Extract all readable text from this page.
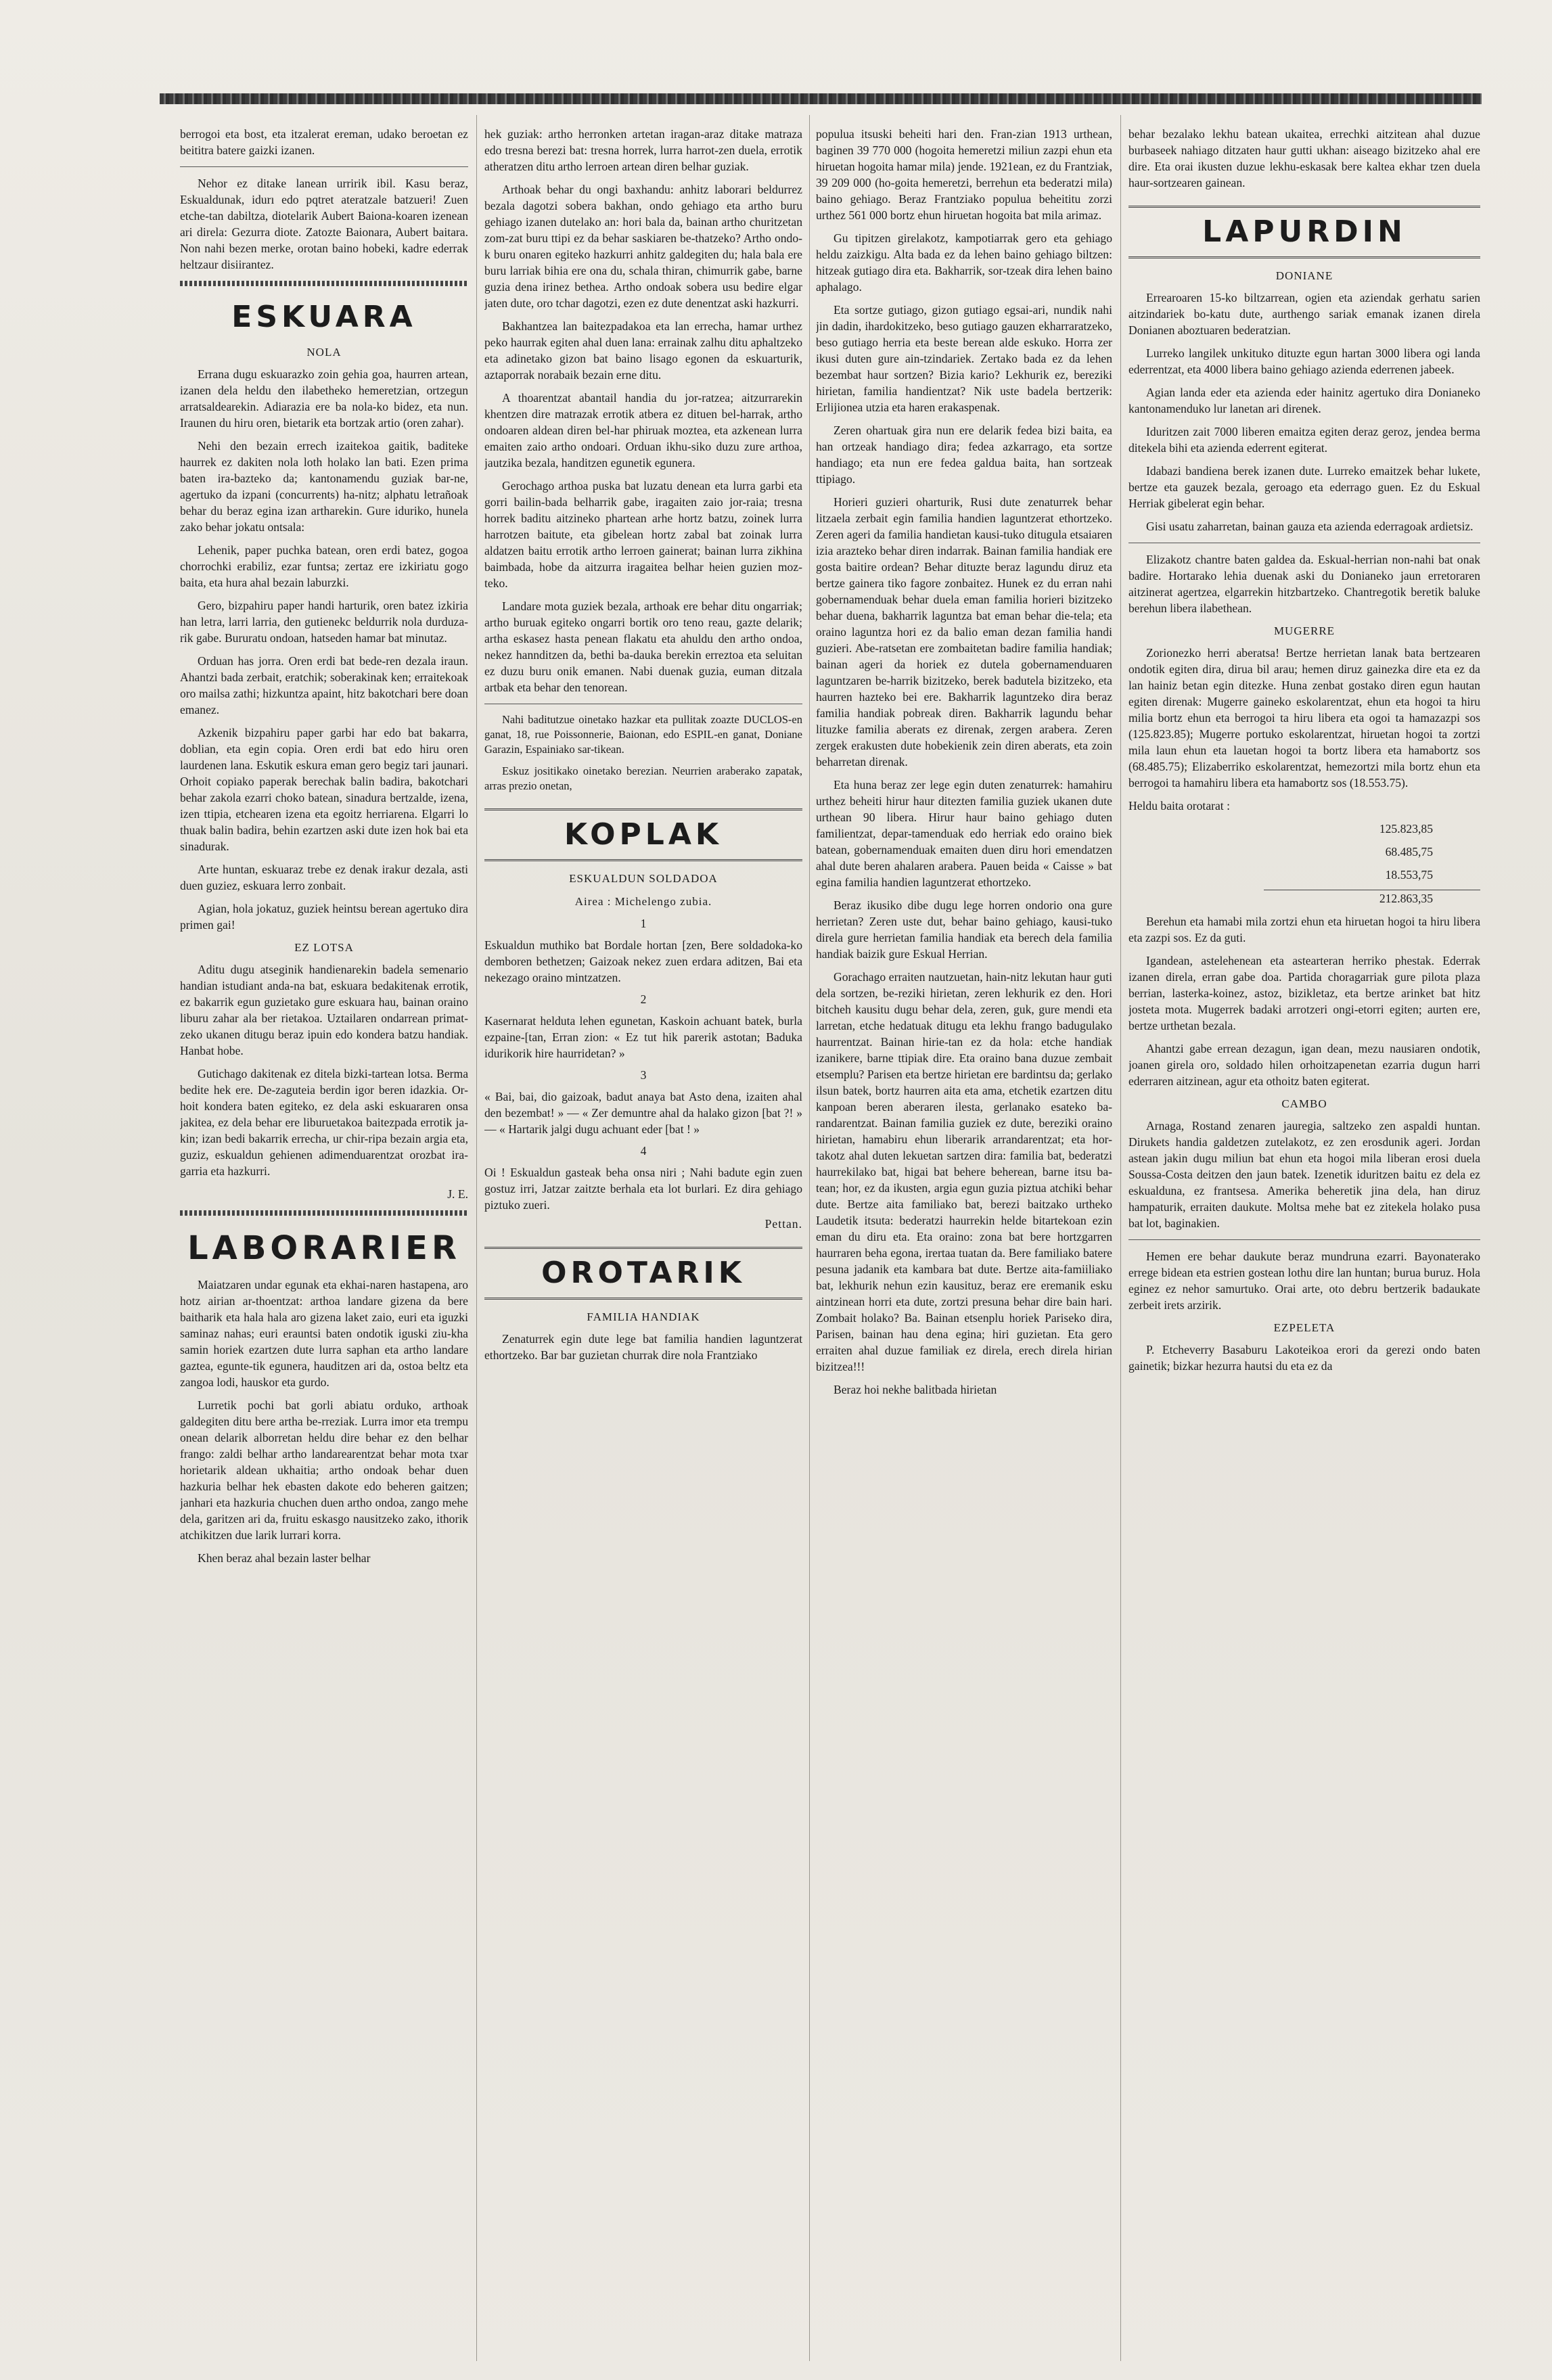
berrogoi eta bost, eta itzalerat ereman, udako beroetan ez beititra batere gaizki izanen.

Nehor ez ditake lanean urririk ibil. Kasu beraz, Eskualdunak, idurı edo pqtret ateratzale batzueri! Zuen etche-tan dabiltza, diotelarik Aubert Baiona-koaren izenean ari direla: Gezurra diote. Zatozte Baionara, Aubert baitara. Non nahi bezen merke, orotan baino hobeki, kadre ederrak heltzaur disiirantez.

ESKUARA
NOLA

Errana dugu eskuarazko zoin gehia goa, haurren artean, izanen dela heldu den ilabetheko hemeretzian, ortzegun arratsaldearekin. Adiarazia ere ba nola-ko bidez, eta nun. Iraunen du hiru oren, bietarik eta bortzak artio (oren zahar).

Nehi den bezain errech izaitekoa gaitik, baditeke haurrek ez dakiten nola loth holako lan bati. Ezen prima baten ira-bazteko da; kantonamendu guziak bar-ne, agertuko da izpani (concurrents) ha-nitz; alphatu letrañoak behar du beraz egina izan artharekin. Gure iduriko, hunela zako behar jokatu ontsala:

Lehenik, paper puchka batean, oren erdi batez, gogoa chorrochki erabiliz, ezar funtsa; zertaz ere izkiriatu gogo baita, eta hura ahal bezain laburzki.

Gero, bizpahiru paper handi harturik, oren batez izkiria han letra, larri larria, den gutienekc beldurrik nola durduza-rik gabe. Bururatu ondoan, hatseden hamar bat minutaz.

Orduan has jorra. Oren erdi bat bede-ren dezala iraun. Ahantzi bada zerbait, eratchik; soberakinak ken; erraitekoak oro mailsa zathi; hizkuntza apaint, hitz bakotchari bere doan emanez.

Azkenik bizpahiru paper garbi har edo bat bakarra, doblian, eta egin copia. Oren erdi bat edo hiru oren laurdenen lana. Eskutik eskura eman gero begiz tari jaunari. Orhoit copiako paperak berechak balin badira, bakotchari behar zakola ezarri choko batean, sinadura bertzalde, izena, izen ttipia, etchearen izena eta egoitz herriarena. Elgarri lo thuak balin badira, behin ezartzen aski dute izen hok bai eta sinadurak.

Arte huntan, eskuaraz trebe ez denak irakur dezala, asti duen guziez, eskuara lerro zonbait.

Agian, hola jokatuz, guziek heintsu berean agertuko dira primen gai!

EZ LOTSA

Aditu dugu atseginik handienarekin badela semenario handian istudiant anda-na bat, eskuara bedakitenak errotik, ez bakarrik egun guzietako gure eskuara hau, bainan oraino liburu zahar ala ber rietakoa. Uztailaren ondarrean primat-zeko ukanen ditugu beraz ipuin edo kondera batzu handiak. Hanbat hobe.

Gutichago dakitenak ez ditela bizki-tartean lotsa. Berma bedite hek ere. De-zaguteia berdin igor beren idazkia. Or-hoit kondera baten egiteko, ez dela aski eskuararen onsa jakitea, ez dela behar ere liburuetakoa baitezpada errotik ja-kin; izan bedi bakarrik errecha, ur chir-ripa bezain argia eta, guziz, eskualdun gehienen adimenduarentzat orozbat ira-garria eta hazkurri.

J. E.
LABORARIER

Maiatzaren undar egunak eta ekhai-naren hastapena, aro hotz airian ar-thoentzat: arthoa landare gizena da bere baitharik eta hala hala aro gizena laket zaio, euri eta iguzki saminaz nahas; euri erauntsi baten ondotik iguski ziu-kha samin horiek ezartzen dute lurra saphan eta artho landare gaztea, egunte-tik egunera, hauditzen ari da, ostoa beltz eta zangoa lodi, hauskor eta gurdo.

Lurretik pochi bat gorli abiatu orduko, arthoak galdegiten ditu bere artha be-rreziak. Lurra imor eta trempu onean delarik alborretan heldu dire behar ez den belhar frango: zaldi belhar artho landarearentzat behar mota txar horietarik aldean ukhaitia; artho ondoak behar duen hazkuria belhar hek ebasten dakote edo beheren gaitzen; janhari eta hazkuria chuchen duen artho ondoa, zango mehe dela, garitzen ari da, fruitu eskasgo nausitzeko zako, ithorik atchikitzen due larik lurrari korra.

Khen beraz ahal bezain laster belhar

hek guziak: artho herronken artetan iragan-araz ditake matraza edo tresna berezi bat: tresna horrek, lurra harrot-zen duela, errotik atheratzen ditu artho lerroen artean diren belhar guziak.

Arthoak behar du ongi baxhandu: anhitz laborari beldurrez bezala dagotzi sobera bakhan, ondo gehiago eta artho buru gehiago izanen dutelako an: hori bala da, bainan artho churitzetan zom-zat buru ttipi ez da behar saskiaren be-thatzeko? Artho ondo-k buru onaren egiteko hazkurri anhitz galdegiten du; hala bala ere buru larriak bihia ere ona du, schala thiran, chimurrik gabe, barne guzia dena irinez betheа. Artho ondoak sobera usu bedire elgar jaten dute, oro tchar dagotzi, ezen ez dute denentzat aski hazkurri.

Bakhantzea lan baitezpadakoa eta lan errecha, hamar urthez peko haurrak egiten ahal duen lana: errainak zalhu ditu aphaltzeko eta adinetako gizon bat baino lisago egonen da eskuarturik, aztaporrak norabaik bezain erne ditu.

A thoarentzat abantail handia du jor-ratzea; aitzurrarekin khentzen dire matrazak errotik atbera ez dituen bel-harrak, artho ondoaren aldean diren bel-har phiruak moztea, eta azkenean lurra emaiten zaio artho ondoari. Orduan ikhu-siko duzu zure arthoa, jautzika bezala, handitzen egunetik egunera.

Gerochago arthoa puska bat luzatu denean eta lurra garbi eta gorri bailin-bada belharrik gabe, iragaiten zaio jor-raia; tresna horrek baditu aitzineko phartean arhe hortz batzu, zoinek lurra harrotzen baitute, eta gibelean hortz zabal bat zoinak lurra aldatzen baitu errotik artho lerroen gainerat; bainan lurra zikhina baimbada, hobe da aitzurra iragaitea belhar heien guzien moz-teko.

Landare mota guziek bezala, arthoak ere behar ditu ongarriak; artho buruak egiteko ongarri bortik oro teno reau, gazte delarik; artha eskasez hasta penean flakatu eta ahuldu den artho ondoa, nekez hannditzen da, bethi ba-dauka berekin erreztoa eta seluitan ez duzu buru onik emanen. Nabi duenak guzia, euman ditzala artbak eta behar den tenorean.

Nahi baditutzue oinetako hazkar eta pullitak zoazte DUCLOS-en ganat, 18, rue Poissonnerie, Baionan, edo ESPIL-en ganat, Doniane Garazin, Espainiako sar-tikean.

Eskuz jositikako oinetako berezian. Neurrien araberako zapatak, arras prezio onetan,

KOPLAK
ESKUALDUN SOLDADOA
Airea : Michelengo zubia.
1

Eskualdun muthiko bat Bordale hortan [zen, Bere soldadoka-ko demboren bethetzen; Gaizoak nekez zuen erdara aditzen, Bai eta nekezago oraino mintzatzen.

2

Kasernarat helduta lehen egunetan, Kaskoin achuant batek, burla ezpaine-[tan, Erran zion: « Ez tut hik parerik astotan; Baduka idurikorik hire haurridetan? »

3

« Bai, bai, dio gaizoak, badut anaya bat Asto dena, izaiten ahal den bezembat! » — « Zer demuntre ahal da halako gizon [bat ?! » — « Hartarik jalgi dugu achuant eder [bat ! »

4

Oi ! Eskualdun gasteak beha onsa niri ; Nahi badute egin zuen gostuz irri, Jatzar zaitzte berhala eta lot burlari. Ez dira gehiago piztuko zueri.

Pettan.
OROTARIK
FAMILIA HANDIAK

Zenaturrek egin dute lege bat familia handien laguntzerat ethortzeko. Bar bar guzietan churrak dire nola Frantziako

populua itsuski beheiti hari den. Fran-zian 1913 urthean, baginen 39 770 000 (hogoita hemeretzi miliun zazpi ehun eta hiruetan hogoita hamar mila) jende. 1921ean, ez du Frantziak, 39 209 000 (ho-goita hemeretzi, berrehun eta bederatzi mila) baino gehiago. Beraz Frantziako populua beheititu zorzi urthez 561 000 bortz ehun hiruetan hogoita bat mila arimaz.

Gu tipitzen girelakotz, kampotiarrak gero eta gehiago heldu zaizkigu. Alta bada ez da lehen baino gehiago biltzen: hitzeak gutiago dira eta. Bakharrik, sor-tzeak dira lehen baino aphalago.

Eta sortze gutiago, gizon gutiago egsai-ari, nundik nahi jin dadin, ihardokitzeko, beso gutiago gauzen ekharraratzeko, beso gutiago herria eta beste berean alde eskuko. Horra zer ikusi duten gure ain-tzindariek. Zertako bada ez da lehen bezembat haur sortzen? Bizia kario? Lekhurik ez, bereziki hirietan, familia handientzat? Nik uste badela bertzerik: Erlijionea utzia eta haren erakaspenak.

Zeren ohartuak gira nun ere delarik fedea bizi baita, ea han ortzeak handiago dira; fedea azkarrago, eta sortze handiago; eta nun ere fedea galdua baita, han sortzeak ttipiago.

Horieri guzieri oharturik, Rusi dute zenaturrek behar litzaela zerbait egin familia handien laguntzerat ethortzeko. Zeren ageri da familia handietan kausi-tuko ditugula etsaiaren izia arazteko behar diren indarrak. Bainan familia handiak ere gosta baitire ordean? Behar dituzte beraz lagundu diruz eta bertze gainera tiko fagore zonbaitez. Hunek ez du erran nahi gobernamenduak behar duela eman familia horieri bizitzeko behar duena, bakharrik laguntza bat eman behar die-tela; eta oraino laguntza hori ez da balio eman dezan familia handi guzieri. Abe-ratsetan ere zombaitetan badire familia handiak; bainan ageri da horiek ez dutela gobernamenduaren laguntzaren be-harrik bizitzeko, berek badutela bizitzeko, eta haurren hazteko bei ere. Bakharrik laguntzeko dira beraz familia handiak pobreak diren. Bakharrik lagundu behar lituzke familia aberats ez direnak, zergen araberа. Zeren zergek erakusten dute hobekienik zein diren aberats, eta zoin beharretan direnak.

Eta huna beraz zer lege egin duten zenaturrek: hamahiru urthez beheiti hirur haur ditezten familia guziek ukanen dute urthean 90 libera. Hirur haur baino gehiago duten familientzat, depar-tamenduak edo herriak edo oraino biek batean, gobernamenduak emaiten duen diru hori emendatzen ahal dute beren ahalaren araberа. Pauen beida « Caisse » bat egina familia handien laguntzerat ethortzeko.

Beraz ikusiko dibe dugu lege horren ondorio ona gure herrietan? Zeren uste dut, behar baino gehiago, kausi-tuko direla gure herrietan familia handiak eta berech dela familia handiak baizik gure Eskual Herrian.

Gorachago erraiten nautzuetan, hain-nitz lekutan haur guti dela sortzen, be-reziki hirietan, zeren lekhurik ez den. Hori bitcheh kausitu dugu behar dela, zeren, guk, gure mendi eta larretan, etche hedatuak ditugu eta lekhu frango badugulako haurrentzat. Bainan hirie-tan ez da hola: etche handiak izanikere, barne ttipiak dire. Eta oraino bana duzue zembait etsemplu? Parisen eta bertze hirietan ere bardintsu da; gerlako ilsun batek, bortz haurren aita eta ama, etchetik ezartzen ditu kanpoan beren aberaren ilesta, gerlanako esateko ba-randarentzat. Bainan familia guziek ez dute, bereziki oraino hirietan, hamabiru ehun liberarik arrandarentzat; eta hor-takotz ahal duten lekuetan sartzen dira: familia bat, bederatzi haurrekilako bat, higai bat behere beherean, barne itsu ba-tean; hor, ez da ikusten, argia egun guzia piztua atchiki behar dute. Bertze aita familiako bat, berezi baitzako urtheko Laudetik itsuta: bederatzi haurrekin helde bitartekoan ezin eman du diru eta. Eta oraino: zona bat bere hortzgarren haurraren beha egona, irertaa tuatan da. Bere familiako batere pesuna jadanik eta kambara bat dute. Bertze aita-famiiliako bat, lekhurik nehun ezin kausituz, beraz ere eremanik esku aintzinean horri eta dute, zortzi presuna behar dire bain hari. Zombait holako? Ba. Bainan etsenplu horiek Pariseko dira, Parisen, bainan hau dena egina; hiri guzietan. Eta gero erraiten ahal duzue familiak ez direla, erech direla hirian bizitzea!!!

Beraz hoi nekhe balitbada hirietan

behar bezalako lekhu batean ukaitea, errechki aitzitean ahal duzue burbaseek nahiago ditzaten haur gutti ukhan: aiseago bizitzeko ahal ere dire. Eta orai ikusten duzue lekhu-eskasak bere kaltea ekhar tzen duela haur-sortzearen gainean.

LAPURDIN
DONIANE

Errearoaren 15-ko biltzarrean, ogien eta aziendak gerhatu sarien aitzindariek bo-katu dute, aurthengo sariak emanak izanen direla Donianen aboztuaren bederatzian.

Lurreko langilek unkituko dituzte egun hartan 3000 libera ogi landa ederrentzat, eta 4000 libera baino gehiago azienda ederrenen jabeek.

Agian landa eder eta azienda eder hainitz agertuko dira Donianeko kantonamenduko lur lanetan ari direnek.

Iduritzen zait 7000 liberen emaitza egiten deraz geroz, jendea berma ditekela bihi eta azienda ederrent egiterat.

Idabazi bandiena berek izanen dute. Lurreko emaitzek behar lukete, bertze eta gauzek bezala, geroago eta ederrago guen. Ez du Eskual Herriak gibelerat egin behar.

Gisi usatu zaharretan, bainan gauza eta azienda ederragoak ardietsiz.

Elizakotz chantre baten galdea da. Eskual-herrian non-nahi bat onak badire. Hortarako lehia duenak aski du Donianeko jaun erretoraren aitzinerat agertzea, elgarrekin hitzbartzeko. Chantregotik beretik baluke berehun libera ilabethean.

MUGERRE

Zorionezko herri aberatsa! Bertze herrietan lanak bata bertzearen ondotik egiten dira, dirua bil arau; hemen diruz gainezka dire eta ez da lan hainiz betan egin ditezke. Huna zenbat gostako diren egun hautan egiten direnak: Mugerre gaineko eskolarentzat, ehun eta hogoi ta hiru milia bortz ehun eta berrogoi ta hiru libera eta ogoi ta hamazazpi sos (125.823.85); Mugerre portuko eskolarentzat, hiruetan hogoi ta zortzi mila laun ehun eta lauetan hogoi ta bortz libera eta hamabortz sos (68.485.75); Elizaberriko eskolarentzat, hemezortzi mila bortz ehun eta berrogoi ta hamahiru libera eta hamabortz sos (18.553.75).

Heldu baita orotarat :

125.823,85

68.485,75

18.553,75

212.863,35

Berehun eta hamabi mila zortzi ehun eta hiruetan hogoi ta hiru libera eta zazpi sos. Ez da guti.

Igandean, astelehenean eta astearteran herriko phestak. Ederrak izanen direla, erran gabe doa. Partida choragarriak gure pilota plaza berrian, lasterka-koinez, astoz, bizikletaz, eta bertze arinket bat hitz josteta mota. Mugerrek badaki arrotzeri ongi-etorri egiten; aurten ere, bertze urthetan bezala.

Ahantzi gabe errean dezagun, igan dean, mezu nausiaren ondotik, joanen girela oro, soldado hilen orhoitzapenetan ezarria dugun harri ederraren aitzinean, agur eta othoitz baten egiterat.

CAMBO

Arnaga, Rostand zenaren jauregia, saltzeko zen aspaldi huntan. Dirukets handia galdetzen zutelakotz, ez zen erosdunik ageri. Jordan astean jakin dugu miliun bat ehun eta hogoi mila liberan erosi duela Soussa-Costa deitzen den jaun batek. Izenetik iduritzen baitu ez dela ez eskualduna, ez frantsesa. Amerika beheretik jina dela, han diruz hampaturik, erraiten daukute. Moltsa mehe bat ez zitekela holako pusa bat lot, baginakien.

Hemen ere behar daukute beraz mundruna ezarri. Bayonaterako errege bidean eta estrien gostean lothu dire lan huntan; burua buruz. Hola eginez ez nehor samurtuko. Orai arte, oto debru bertzerik badaukate zerbeit irets arzirik.

EZPELETA

P. Etcheverry Basaburu Lakoteikoa erori da gerezi ondo baten gainetik; bizkar hezurra hautsi du eta ez da
